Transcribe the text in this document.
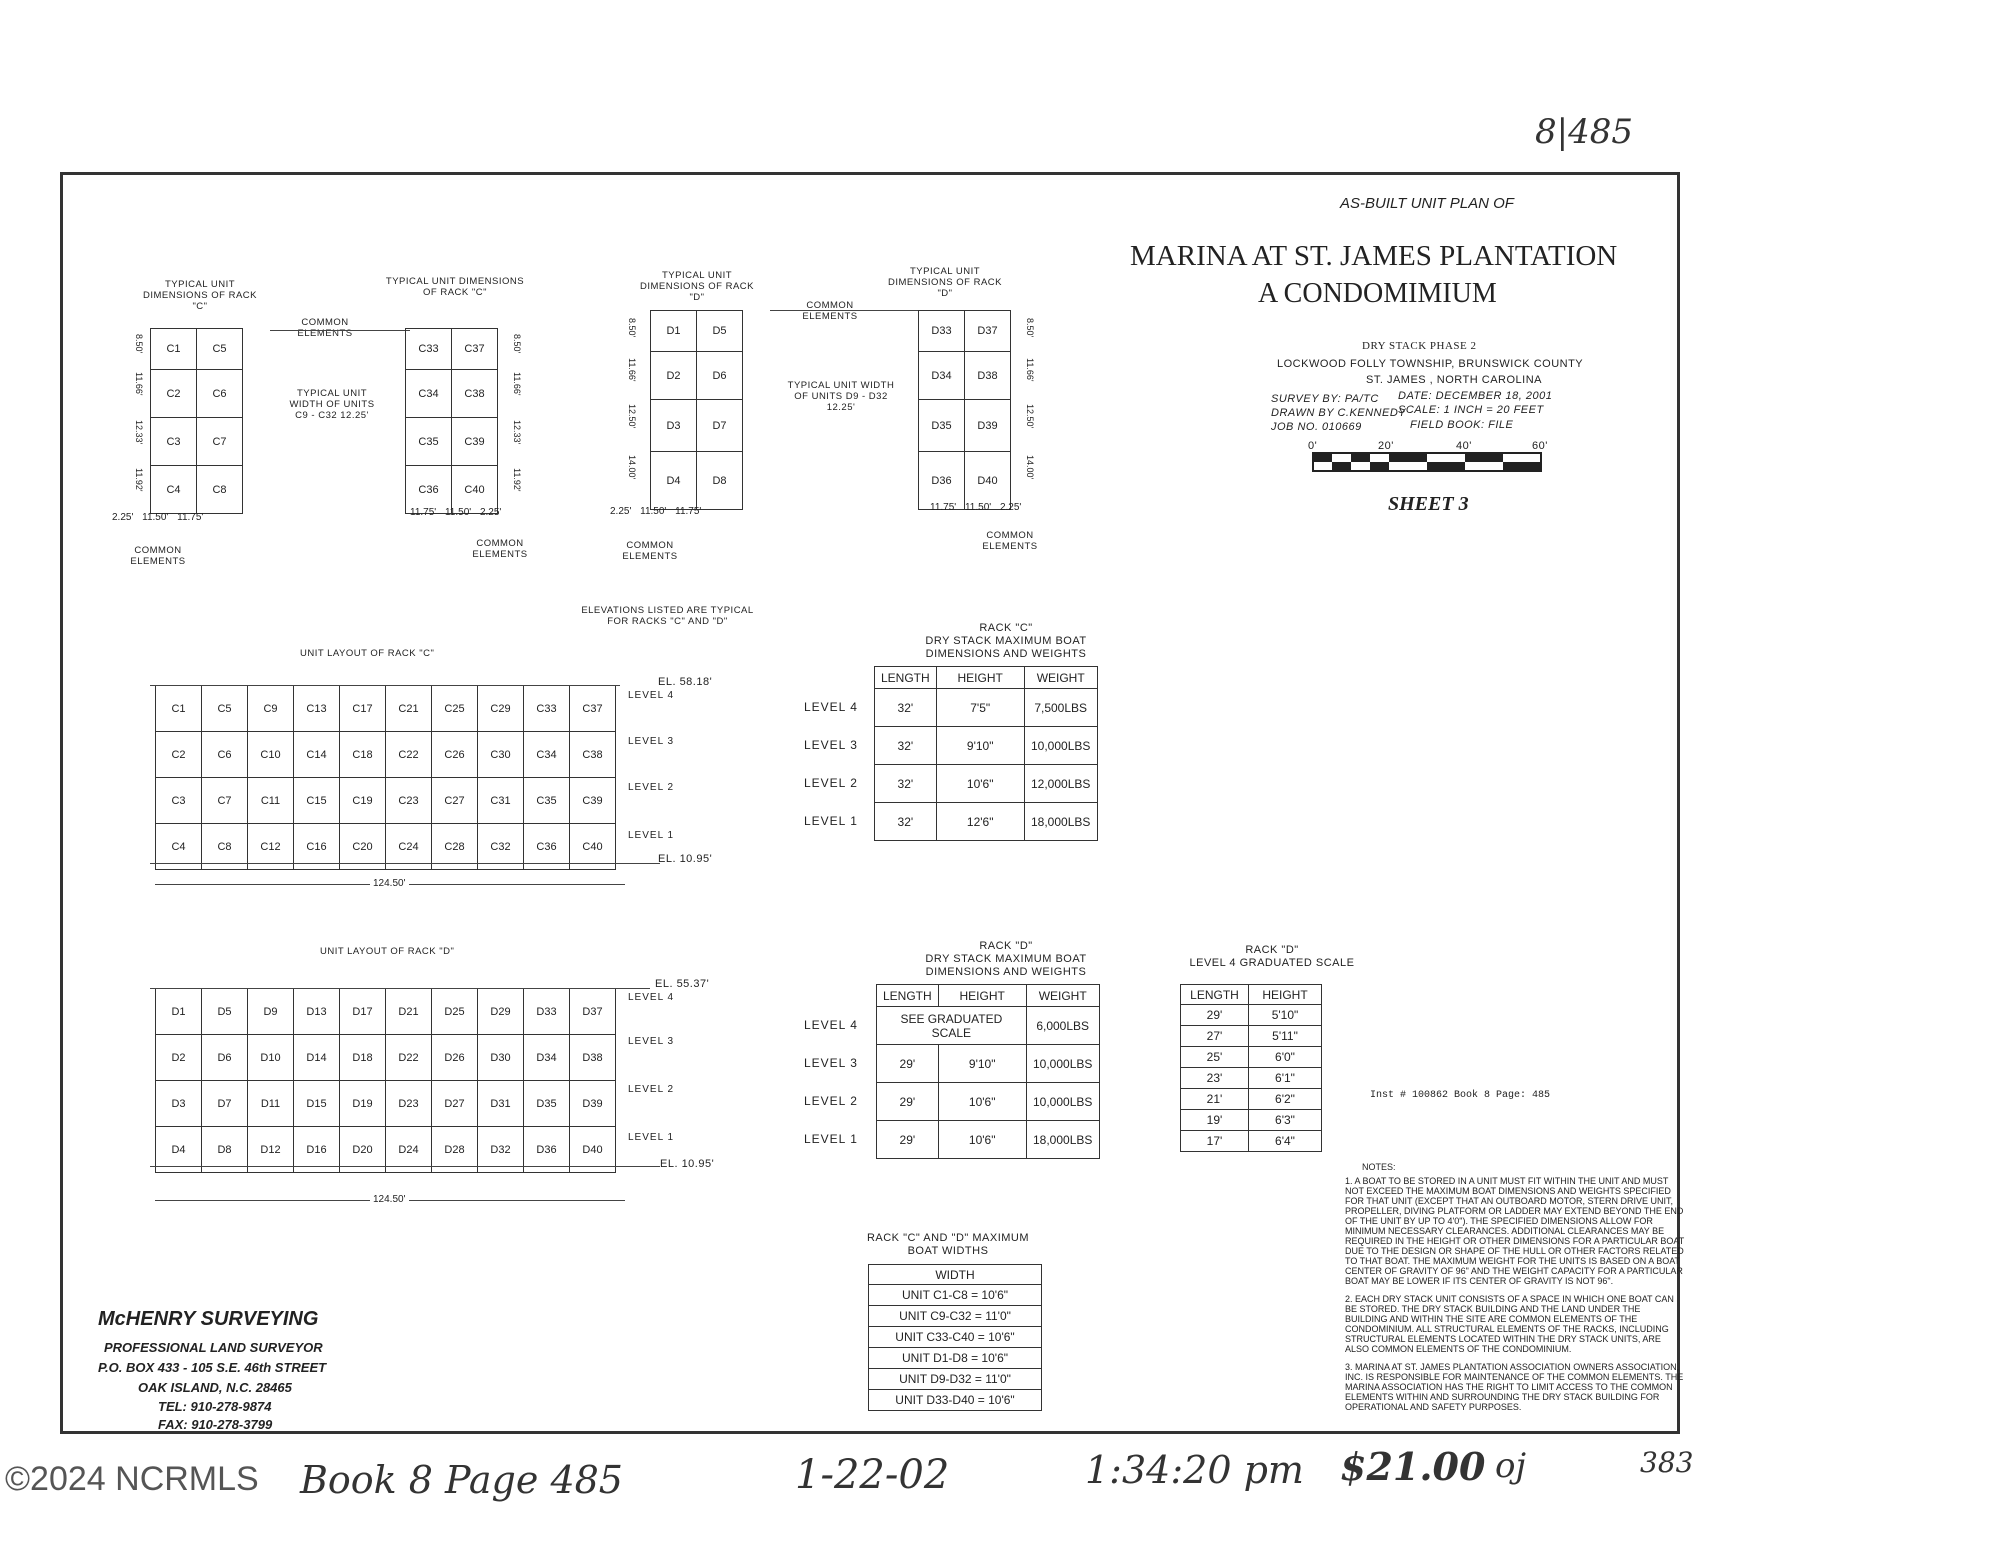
8|485
AS-BUILT UNIT PLAN OF
MARINA AT ST. JAMES PLANTATION
A CONDOMIMIUM
DRY STACK PHASE 2
LOCKWOOD FOLLY TOWNSHIP, BRUNSWICK COUNTY
ST. JAMES , NORTH CAROLINA
SURVEY BY: PA/TC DATE: DECEMBER 18, 2001
DRAWN BY C.KENNEDY
SCALE: 1 INCH = 20 FEET
JOB NO. 010669	FIELD BOOK: FILE
0'	20'	40'	60'
SHEET 3
TYPICAL UNIT DIMENSIONS OF RACK "C"
TYPICAL UNIT DIMENSIONS OF RACK "C"
COMMON ELEMENTS
C1	C5
C2	C6
C3	C7
C4	C8
8.50'
11.66'
12.33'
11.92'
2.25' 11.50' 11.75'
COMMON ELEMENTS
TYPICAL UNIT WIDTH OF UNITS C9 - C32 12.25'
C33	C37
C34	C38
C35	C39
C36	C40
8.50'
11.66'
12.33'
11.92'
11.75' 11.50' 2.25'
COMMON ELEMENTS
TYPICAL UNIT DIMENSIONS OF RACK "D"
TYPICAL UNIT DIMENSIONS OF RACK "D"
COMMON ELEMENTS
D1	D5
D2	D6
D3	D7
D4	D8
8.50'
11.66'
12.50'
14.00'
2.25' 11.50' 11.75'
COMMON ELEMENTS
TYPICAL UNIT WIDTH OF UNITS D9 - D32 12.25'
D33	D37
D34	D38
D35	D39
D36	D40
8.50'
11.66'
12.50'
14.00'
11.75' 11.50' 2.25'
COMMON ELEMENTS
ELEVATIONS LISTED ARE TYPICAL FOR RACKS "C" AND "D"
UNIT LAYOUT OF RACK "C"
C1	C5	C9	C13	C17	C21	C25	C29	C33	C37
C2	C6	C10	C14	C18	C22	C26	C30	C34	C38
C3	C7	C11	C15	C19	C23	C27	C31	C35	C39
C4	C8	C12	C16	C20	C24	C28	C32	C36	C40
EL. 58.18'
EL. 10.95'
LEVEL 4
LEVEL 3
LEVEL 2
LEVEL 1
124.50'
UNIT LAYOUT OF RACK "D"
D1	D5	D9	D13	D17	D21	D25	D29	D33	D37
D2	D6	D10	D14	D18	D22	D26	D30	D34	D38
D3	D7	D11	D15	D19	D23	D27	D31	D35	D39
D4	D8	D12	D16	D20	D24	D28	D32	D36	D40
EL. 55.37'
EL. 10.95'
LEVEL 4
LEVEL 3
LEVEL 2
LEVEL 1
124.50'
RACK "C"
DRY STACK MAXIMUM BOAT
DIMENSIONS AND WEIGHTS
LENGTH	HEIGHT	WEIGHT
32'	7'5"	7,500LBS
32'	9'10"	10,000LBS
32'	10'6"	12,000LBS
32'	12'6"	18,000LBS
LEVEL 4
LEVEL 3
LEVEL 2
LEVEL 1
RACK "D"
DRY STACK MAXIMUM BOAT
DIMENSIONS AND WEIGHTS
LENGTH	HEIGHT	WEIGHT
SEE GRADUATED SCALE		6,000LBS
29'	9'10"	10,000LBS
29'	10'6"	10,000LBS
29'	10'6"	18,000LBS
LEVEL 4
LEVEL 3
LEVEL 2
LEVEL 1
RACK "D"
LEVEL 4 GRADUATED SCALE
LENGTH	HEIGHT
29'	5'10"
27'	5'11"
25'	6'0"
23'	6'1"
21'	6'2"
19'	6'3"
17'	6'4"
RACK "C" AND "D" MAXIMUM
BOAT WIDTHS
WIDTH
UNIT C1-C8 = 10'6"
UNIT C9-C32 = 11'0"
UNIT C33-C40 = 10'6"
UNIT D1-D8 = 10'6"
UNIT D9-D32 = 11'0"
UNIT D33-D40 = 10'6"
Inst # 100862 Book 8 Page: 485
NOTES:
1. A BOAT TO BE STORED IN A UNIT MUST FIT WITHIN THE UNIT AND MUST NOT EXCEED THE MAXIMUM BOAT DIMENSIONS AND WEIGHTS SPECIFIED FOR THAT UNIT (EXCEPT THAT AN OUTBOARD MOTOR, STERN DRIVE UNIT, PROPELLER, DIVING PLATFORM OR LADDER MAY EXTEND BEYOND THE END OF THE UNIT BY UP TO 4'0"). THE SPECIFIED DIMENSIONS ALLOW FOR MINIMUM NECESSARY CLEARANCES. ADDITIONAL CLEARANCES MAY BE REQUIRED IN THE HEIGHT OR OTHER DIMENSIONS FOR A PARTICULAR BOAT DUE TO THE DESIGN OR SHAPE OF THE HULL OR OTHER FACTORS RELATED TO THAT BOAT. THE MAXIMUM WEIGHT FOR THE UNITS IS BASED ON A BOAT CENTER OF GRAVITY OF 96" AND THE WEIGHT CAPACITY FOR A PARTICULAR BOAT MAY BE LOWER IF ITS CENTER OF GRAVITY IS NOT 96".
2. EACH DRY STACK UNIT CONSISTS OF A SPACE IN WHICH ONE BOAT CAN BE STORED. THE DRY STACK BUILDING AND THE LAND UNDER THE BUILDING AND WITHIN THE SITE ARE COMMON ELEMENTS OF THE CONDOMINIUM. ALL STRUCTURAL ELEMENTS OF THE RACKS, INCLUDING STRUCTURAL ELEMENTS LOCATED WITHIN THE DRY STACK UNITS, ARE ALSO COMMON ELEMENTS OF THE CONDOMINIUM.
3. MARINA AT ST. JAMES PLANTATION ASSOCIATION OWNERS ASSOCIATION, INC. IS RESPONSIBLE FOR MAINTENANCE OF THE COMMON ELEMENTS. THE MARINA ASSOCIATION HAS THE RIGHT TO LIMIT ACCESS TO THE COMMON ELEMENTS WITHIN AND SURROUNDING THE DRY STACK BUILDING FOR OPERATIONAL AND SAFETY PURPOSES.
McHENRY SURVEYING
PROFESSIONAL LAND SURVEYOR
P.O. BOX 433 - 105 S.E. 46th STREET
OAK ISLAND, N.C. 28465
TEL: 910-278-9874
FAX: 910-278-3799
©2024 NCRMLS Book 8 Page 485	1-22-02	1:34:20 pm $21.00 oj	383
